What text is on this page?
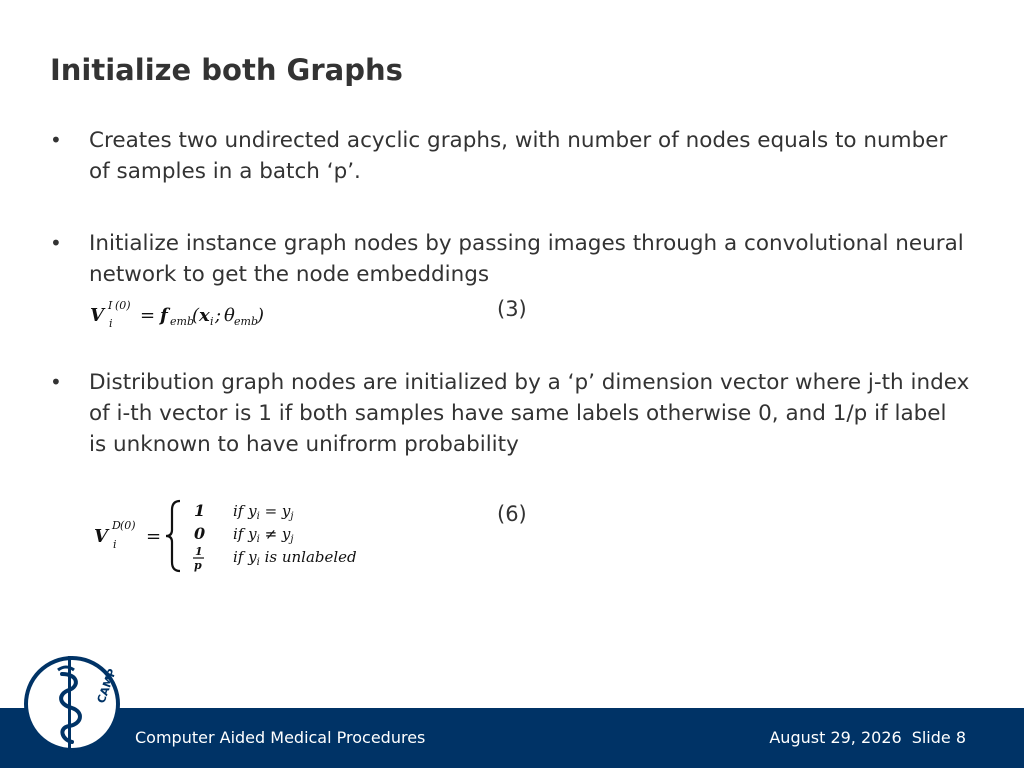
Initialize both Graphs
• Creates two undirected acyclic graphs, with number of nodes equals to number of samples in a batch ‘p’.
• Initialize instance graph nodes by passing images through a convolutional neural network to get the node embeddings
V I (0)
i = f emb
( x i ; θ emb )	(3)
• Distribution graph nodes are initialized by a ‘p’ dimension vector where j-th index of i-th vector is 1 if both samples have same labels otherwise 0, and 1/p if label is unknown to have unifrorm probability
V
D (0)
i =
1
0
1
p
if $y_i = y_j$
if $y_i \ne y_j$
if $y_i$ is unlabeled
(6)
Computer Aided Medical Procedures	August 29, 2026 Slide 8
CAMP
